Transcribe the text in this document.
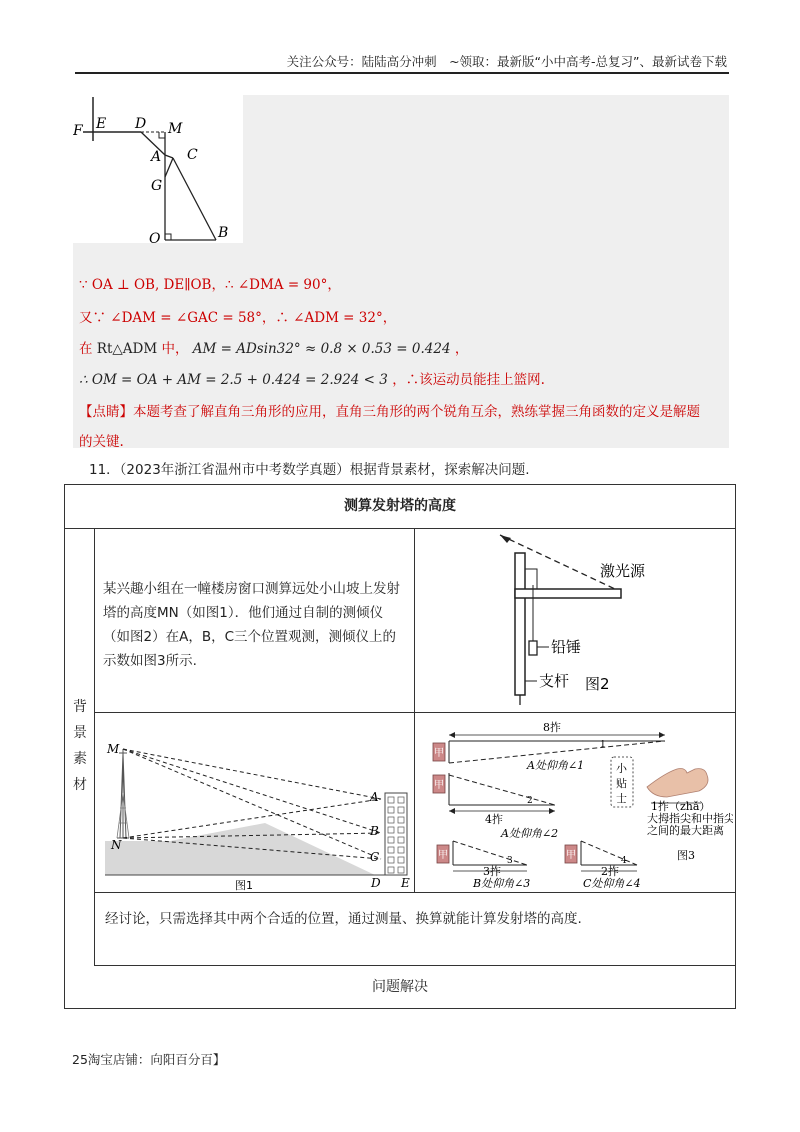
关注公众号：陆陆高分冲刺　~领取：最新版“小中高考-总复习”、最新试卷下载
F E D M
A C
G
O	B
∵ OA ⊥ OB, DE∥OB，∴ ∠DMA = 90°，
又∵ ∠DAM = ∠GAC = 58°，∴ ∠ADM = 32°，
在 Rt△ADM 中， AM = ADsin32° ≈ 0.8 × 0.53 = 0.424 ，
∴ OM = OA + AM = 2.5 + 0.424 = 2.924 < 3 ，∴该运动员能挂上篮网.
【点睛】本题考查了解直角三角形的应用，直角三角形的两个锐角互余，熟练掌握三角函数的定义是解题
的关键.
11．（2023年浙江省温州市中考数学真题）根据背景素材，探索解决问题.
测算发射塔的高度
背
景
素
材
某兴趣小组在一幢楼房窗口测算远处小山坡上发射塔的高度MN（如图1）．他们通过自制的测倾仪（如图2）在A，B，C三个位置观测，测倾仪上的示数如图3所示.
激光源
铅锤
支杆 图2
M
N
A
B
C
D E
图1
甲
8拃
1
A处仰角∠1
甲
4拃
2
A处仰角∠2
甲
3拃
3
B处仰角∠3
甲
2拃
4
C处仰角∠4
小
贴
士
1拃（zhǎ）
大拇指尖和中指尖
之间的最大距离
图3
经讨论，只需选择其中两个合适的位置，通过测量、换算就能计算发射塔的高度.
问题解决
25淘宝店铺：向阳百分百】
